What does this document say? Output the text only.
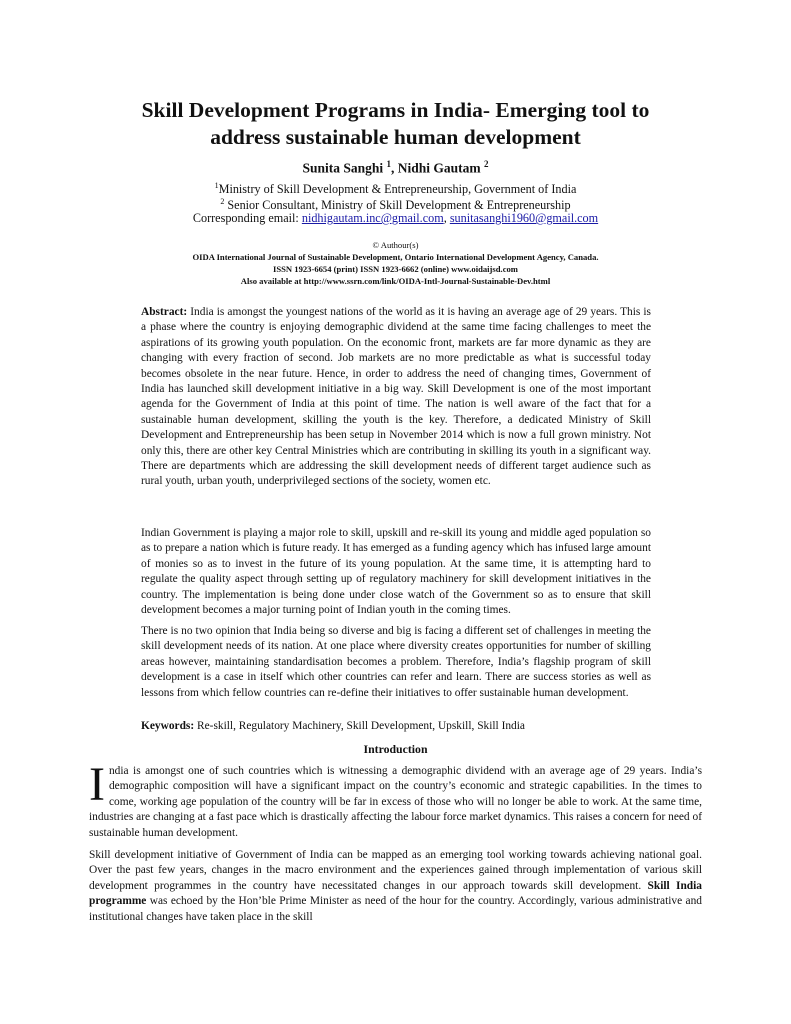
Skill Development Programs in India- Emerging tool to
address sustainable human development
Sunita Sanghi $^1$, Nidhi Gautam $^2$
$^1$Ministry of Skill Development & Entrepreneurship, Government of India
$^2$ Senior Consultant, Ministry of Skill Development & Entrepreneurship
Corresponding email: nidhigautam.inc@gmail.com, sunitasanghi1960@gmail.com
© Authour(s)
OIDA International Journal of Sustainable Development, Ontario International Development Agency, Canada.
ISSN 1923-6654 (print) ISSN 1923-6662 (online) www.oidaijsd.com
Also available at http://www.ssrn.com/link/OIDA-Intl-Journal-Sustainable-Dev.html

Abstract: India is amongst the youngest nations of the world as it is having an average age of 29 years. This is a phase where the country is enjoying demographic dividend at the same time facing challenges to meet the aspirations of its growing youth population. On the economic front, markets are far more dynamic as they are changing with every fraction of second. Job markets are no more predictable as what is successful today becomes obsolete in the near future. Hence, in order to address the need of changing times, Government of India has launched skill development initiative in a big way. Skill Development is one of the most important agenda for the Government of India at this point of time. The nation is well aware of the fact that for a sustainable human development, skilling the youth is the key. Therefore, a dedicated Ministry of Skill Development and Entrepreneurship has been setup in November 2014 which is now a full grown ministry. Not only this, there are other key Central Ministries which are contributing in skilling its youth in a significant way. There are departments which are addressing the skill development needs of different target audience such as rural youth, urban youth, underprivileged sections of the society, women etc.

Indian Government is playing a major role to skill, upskill and re-skill its young and middle aged population so as to prepare a nation which is future ready. It has emerged as a funding agency which has infused large amount of monies so as to invest in the future of its young population. At the same time, it is attempting hard to regulate the quality aspect through setting up of regulatory machinery for skill development initiatives in the country. The implementation is being done under close watch of the Government so as to ensure that skill development becomes a major turning point of Indian youth in the coming times.

There is no two opinion that India being so diverse and big is facing a different set of challenges in meeting the skill development needs of its nation. At one place where diversity creates opportunities for number of skilling areas however, maintaining standardisation becomes a problem. Therefore, India’s flagship program of skill development is a case in itself which other countries can refer and learn. There are success stories as well as lessons from which fellow countries can re-define their initiatives to offer sustainable human development.

Keywords: Re-skill, Regulatory Machinery, Skill Development, Upskill, Skill India
Introduction

India is amongst one of such countries which is witnessing a demographic dividend with an average age of 29 years. India’s demographic composition will have a significant impact on the country’s economic and strategic capabilities. In the times to come, working age population of the country will be far in excess of those who will no longer be able to work. At the same time, industries are changing at a fast pace which is drastically affecting the labour force market dynamics. This raises a concern for need of sustainable human development.

Skill development initiative of Government of India can be mapped as an emerging tool working towards achieving national goal. Over the past few years, changes in the macro environment and the experiences gained through implementation of various skill development programmes in the country have necessitated changes in our approach towards skill development. Skill India programme was echoed by the Hon’ble Prime Minister as need of the hour for the country. Accordingly, various administrative and institutional changes have taken place in the skill
